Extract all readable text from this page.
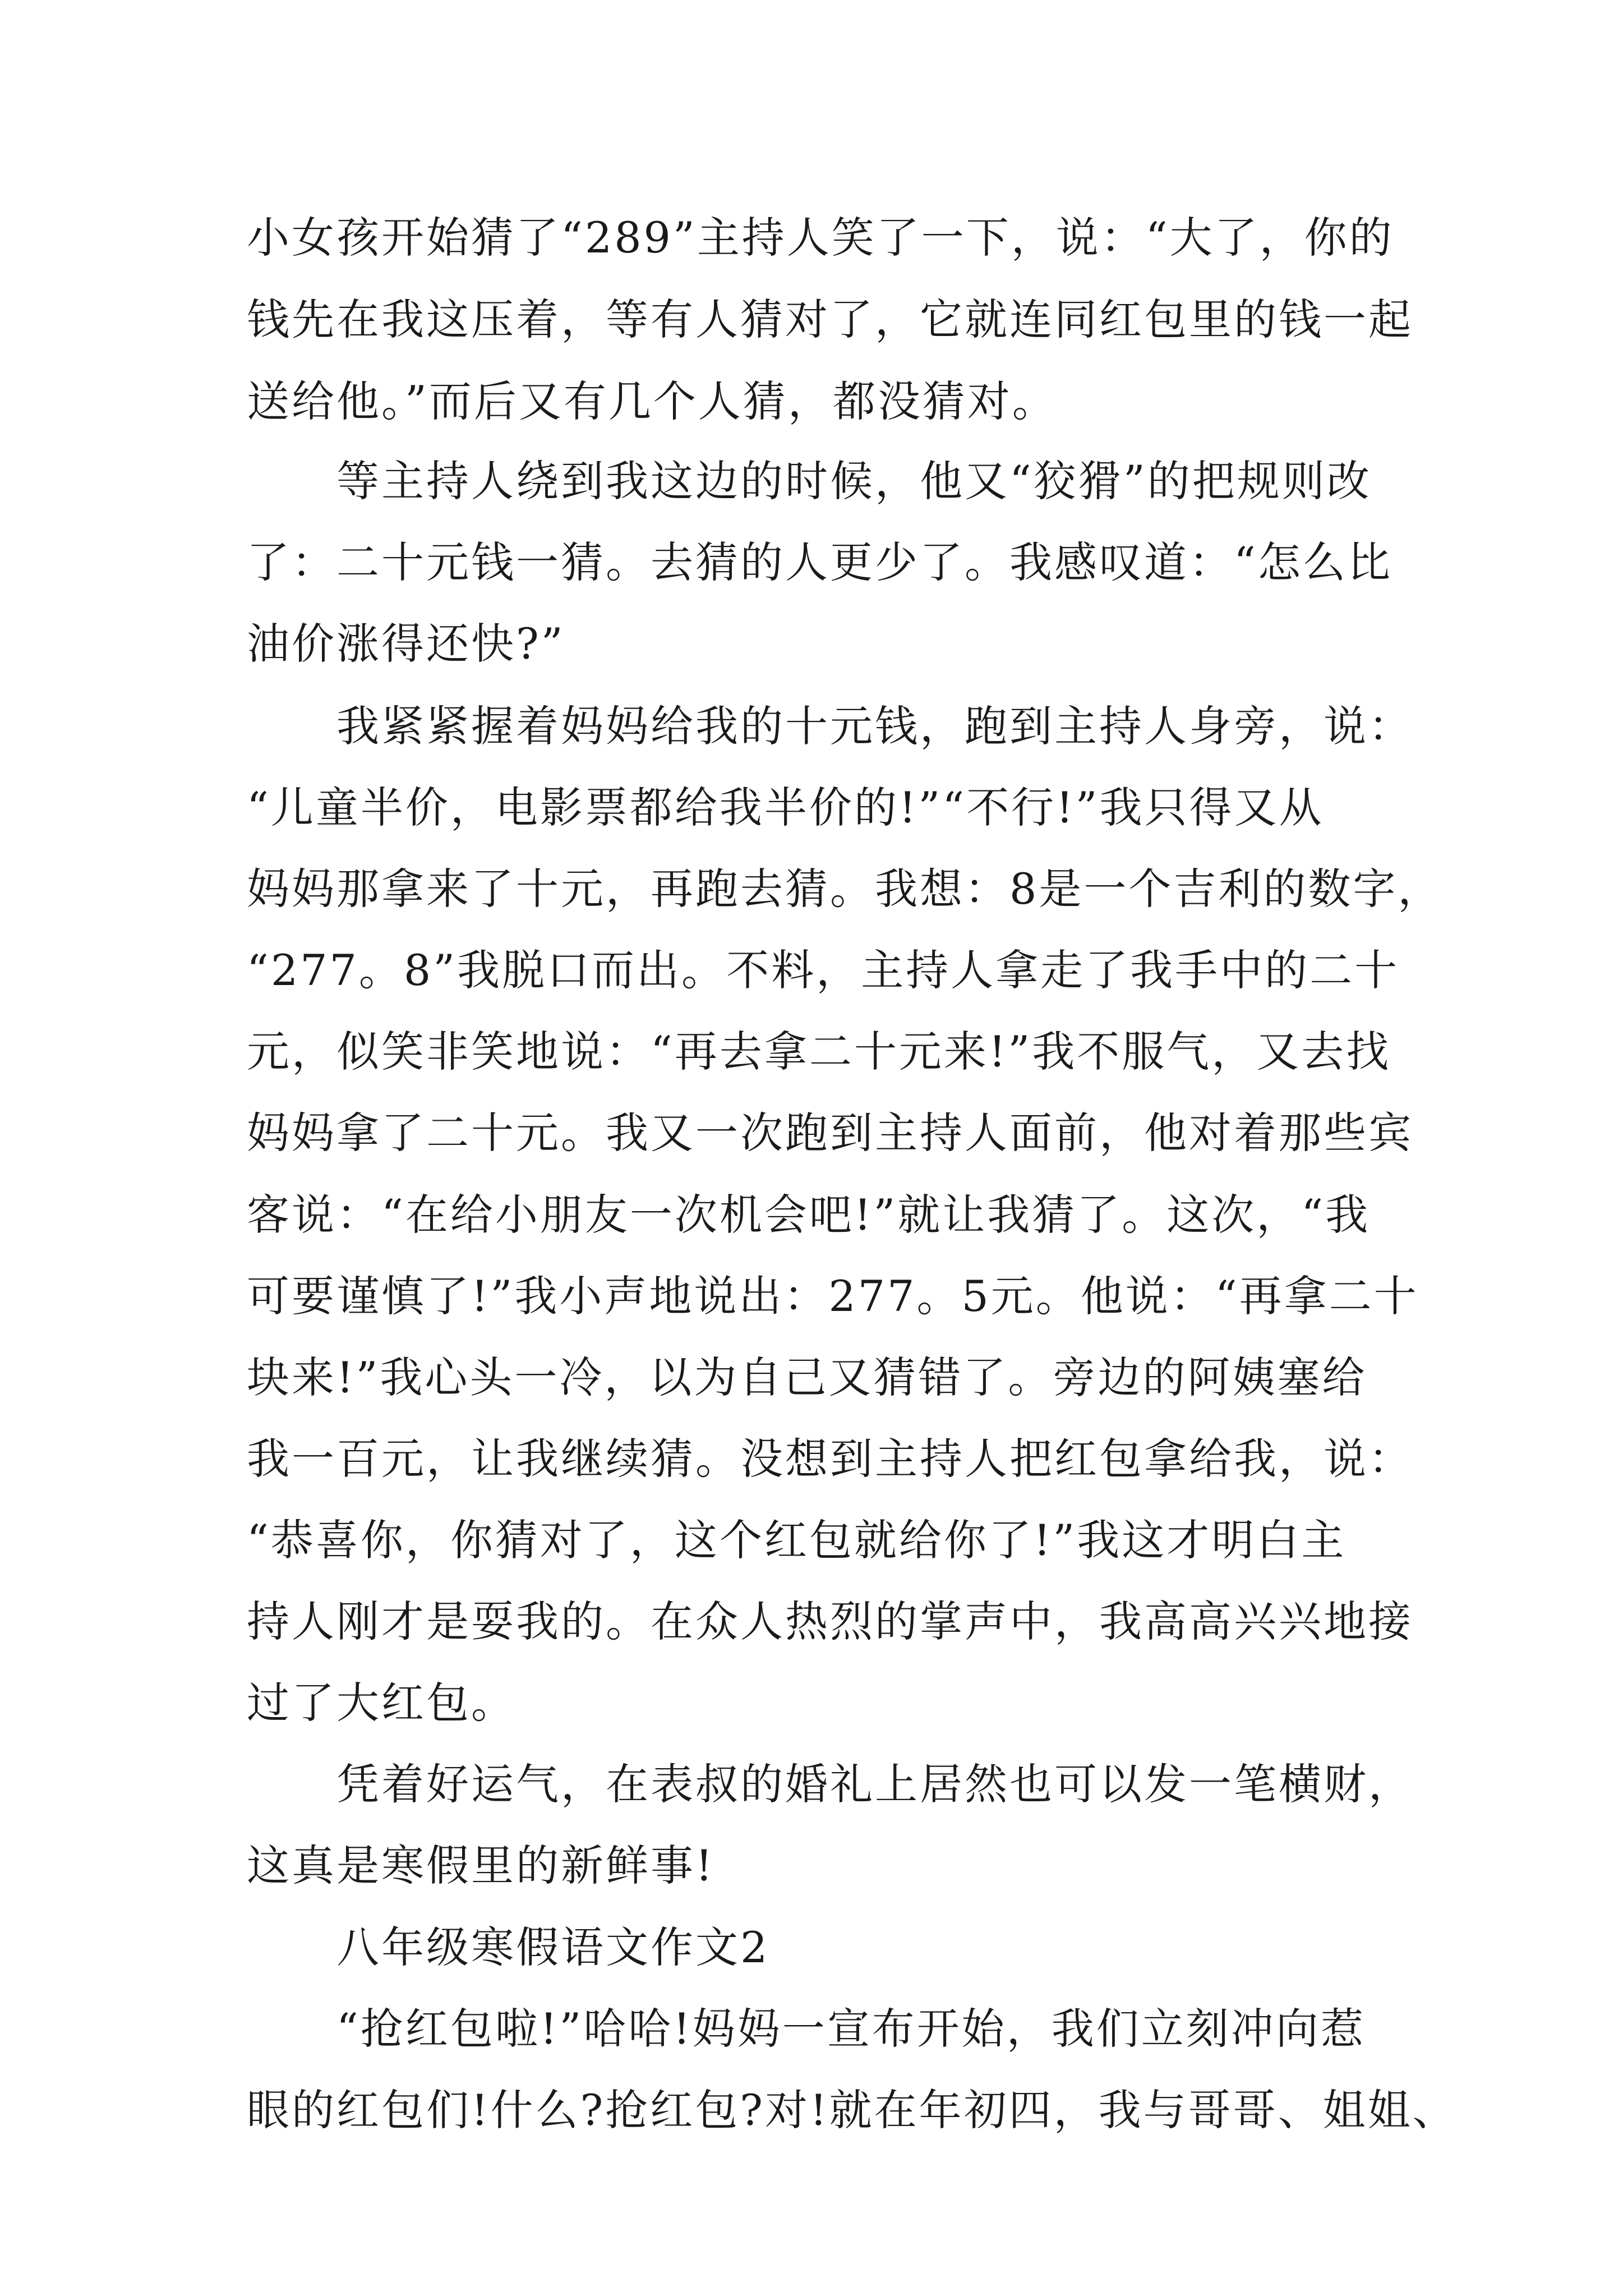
小女孩开始猜了“289”主持人笑了一下，说：“大了，你的
钱先在我这压着，等有人猜对了，它就连同红包里的钱一起
送给他。”而后又有几个人猜，都没猜对。
等主持人绕到我这边的时候，他又“狡猾”的把规则改
了：二十元钱一猜。去猜的人更少了。我感叹道：“怎么比
油价涨得还快?”
我紧紧握着妈妈给我的十元钱，跑到主持人身旁，说：
“儿童半价，电影票都给我半价的!”“不行!”我只得又从
妈妈那拿来了十元，再跑去猜。我想：8是一个吉利的数字，
“277。8”我脱口而出。不料，主持人拿走了我手中的二十
元，似笑非笑地说：“再去拿二十元来!”我不服气，又去找
妈妈拿了二十元。我又一次跑到主持人面前，他对着那些宾
客说：“在给小朋友一次机会吧!”就让我猜了。这次，“我
可要谨慎了!”我小声地说出：277。5元。他说：“再拿二十
块来!”我心头一冷，以为自己又猜错了。旁边的阿姨塞给
我一百元，让我继续猜。没想到主持人把红包拿给我，说：
“恭喜你，你猜对了，这个红包就给你了!”我这才明白主
持人刚才是耍我的。在众人热烈的掌声中，我高高兴兴地接
过了大红包。
凭着好运气，在表叔的婚礼上居然也可以发一笔横财，
这真是寒假里的新鲜事!
八年级寒假语文作文2
“抢红包啦!”哈哈!妈妈一宣布开始，我们立刻冲向惹
眼的红包们!什么?抢红包?对!就在年初四，我与哥哥、姐姐、
